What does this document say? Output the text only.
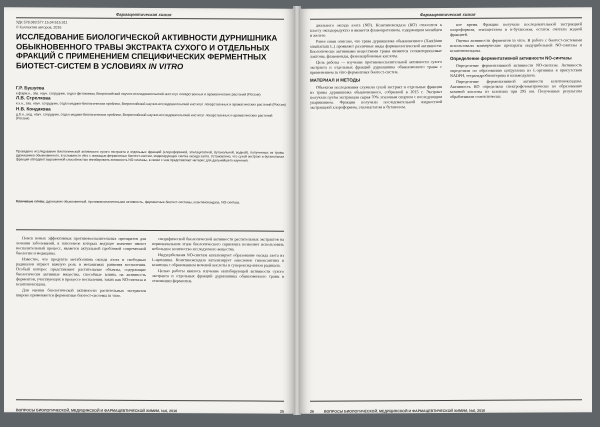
Фармацевтическая химия
УДК 578.083:577.15.04:615.911
© Коллектив авторов, 2016
ИССЛЕДОВАНИЕ БИОЛОГИЧЕСКОЙ АКТИВНОСТИ ДУРНИШНИКА ОБЫКНОВЕННОГО ТРАВЫ ЭКСТРАКТА СУХОГО И ОТДЕЛЬНЫХ ФРАКЦИЙ С ПРИМЕНЕНИЕМ СПЕЦИФИЧЕСКИХ ФЕРМЕНТНЫХ БИОТЕСТ-СИСТЕМ В УСЛОВИЯХ IN VITRO
Г.Р. Бушуева
к.фарм.н., зав. науч. сотрудник, отдел фитохимии, Всероссийский научно-исследовательский институт лекарственных и ароматических растений (Россия)
Л.В. Стрелкова
к.х.н., зав. науч. сотрудник, отдел медико-биологических проблем, Всероссийский научно-исследовательский институт лекарственных и ароматических растений (Россия)
Н.В. Кондакова
д.б.н., вед. науч. сотрудник, отдел медико-биологических проблем, Всероссийский научно-исследовательский институт лекарственных и ароматических растений (Россия)
Проведено исследование биологической активности сухого экстракта и отдельных фракций (хлороформной, этилацетатной, бутанольной, водной), полученных из травы дурнишника обыкновенного, в условиях in vitro с помощью ферментных биотест-систем, моделирующих синтез оксида азота. Установлено, что сухой экстракт и бутанольная фракция обладают выраженной способностью ингибировать активность NO-синтазы, в связи с чем представляют интерес для дальнейшего изучения.
Ключевые слова: дурнишник обыкновенный, противовоспалительная активность, ферментные биотест-системы, ксантиноксидаза, NO-синтаза.

Поиск новых эффективных противовоспалительных препаратов для лечения заболеваний, в патогенезе которых ведущее значение имеют воспалительный процесс, является актуальной проблемой современной биологии и медицины.

Известно, что продукты метаболизма оксида азота и свободных радикалов играют важную роль в механизмах развития воспаления. Особый интерес представляют растительные объекты, содержащие биологически активные вещества, способные влиять на активность ферментов, участвующих в процессе воспаления, таких как NO-синтаза и ксантиноксидаза.

Для оценки биологической активности растительных экстрактов широко применяются ферментные биотест-системы in vitro.

специфической биологической активности растительных экстрактов на первоначальном этапе биологического скрининга позволяет использовать небольшое количество исследуемого вещества.

Индуцибельная NO-синтаза катализирует образование оксида азота из L-аргинина. Ксантиноксидаза катализирует окисление гипоксантина и ксантина с образованием мочевой кислоты и супероксид-анион радикала.

Целью работы явилось изучение ингибирующей активности сухого экстракта и отдельных фракций дурнишника обыкновенного травы в отношении ферментов.

ВОПРОСЫ БИОЛОГИЧЕСКОЙ, МЕДИЦИНСКОЙ И ФАРМАЦЕВТИЧЕСКОЙ ХИМИИ, №6, 2016	25
Фармацевтическая химия

диального оксида азота (NO). Ксантиноксидаза (КО) относится к классу оксидоредуктаз и является флавопротеином, содержащим молибден и железо.

Ранее нами описано, что трава дурнишника обыкновенного (Xanthium strumarium L.) проявляет различные виды фармакологической активности. Биологически активными веществами травы являются сесквитерпеновые лактоны, флавоноиды, фенолкарбоновые кислоты.

Цель работы — изучение противовоспалительной активности сухого экстракта и отдельных фракций дурнишника обыкновенного травы с применением in vitro ферментных биотест-систем.

МАТЕРИАЛ И МЕТОДЫ

Объектом исследования служили сухой экстракт и отдельные фракции из травы дурнишника обыкновенного, собранной в 2015 г. Экстракт получали путём экстракции сырья 70% этиловым спиртом с последующим упариванием. Фракции получали последовательной жидкостной экстракцией хлороформом, этилацетатом и бутанолом.

ное время. Фракции получали последовательной экстракцией хлороформом, этилацетатом и н-бутанолом, остаток считали водной фракцией.

Оценка активности ферментов in vitro. В работе с биотест-системами использовали коммерческие препараты индуцибельной NO-синтазы и ксантиноксидазы.

Определение ферментативной активности NO-синтазы

Определение ферментативной активности NO-синтазы. Активность определяли по образованию цитруллина из L-аргинина в присутствии NADPH, тетрагидробиоптерина и кальмодулина.

Определение ферментативной активности ксантиноксидазы. Активность КО определяли спектрофотометрически по образованию мочевой кислоты из ксантина при 295 нм. Полученные результаты обрабатывали статистически.

26	ВОПРОСЫ БИОЛОГИЧЕСКОЙ, МЕДИЦИНСКОЙ И ФАРМАЦЕВТИЧЕСКОЙ ХИМИИ, №6, 2016
